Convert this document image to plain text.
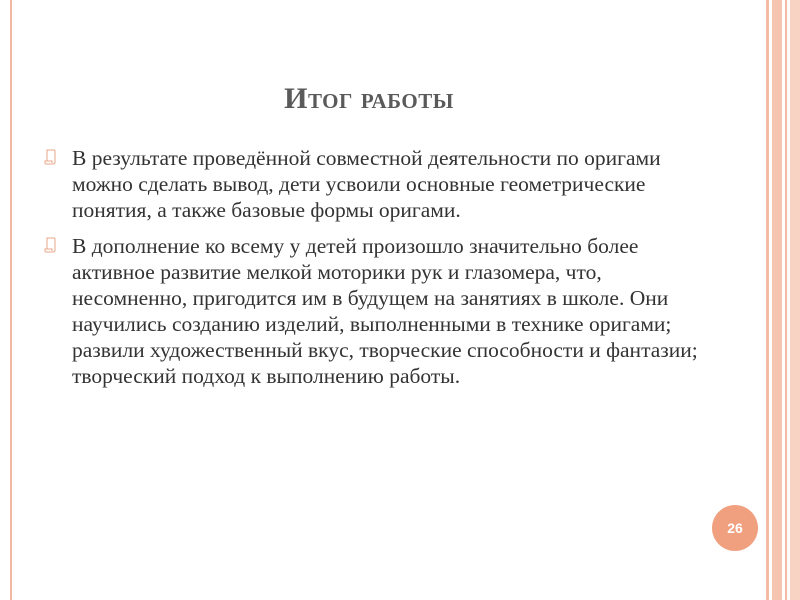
Итог работы
В результате проведённой совместной деятельности по оригами можно сделать вывод, дети усвоили основные геометрические понятия, а также базовые формы оригами.
В дополнение ко всему у детей произошло значительно более активное развитие мелкой моторики рук и глазомера, что, несомненно, пригодится им в будущем на занятиях в школе. Они научились созданию изделий, выполненными в технике оригами; развили художественный вкус, творческие способности и фантазии; творческий подход к выполнению работы.
26
